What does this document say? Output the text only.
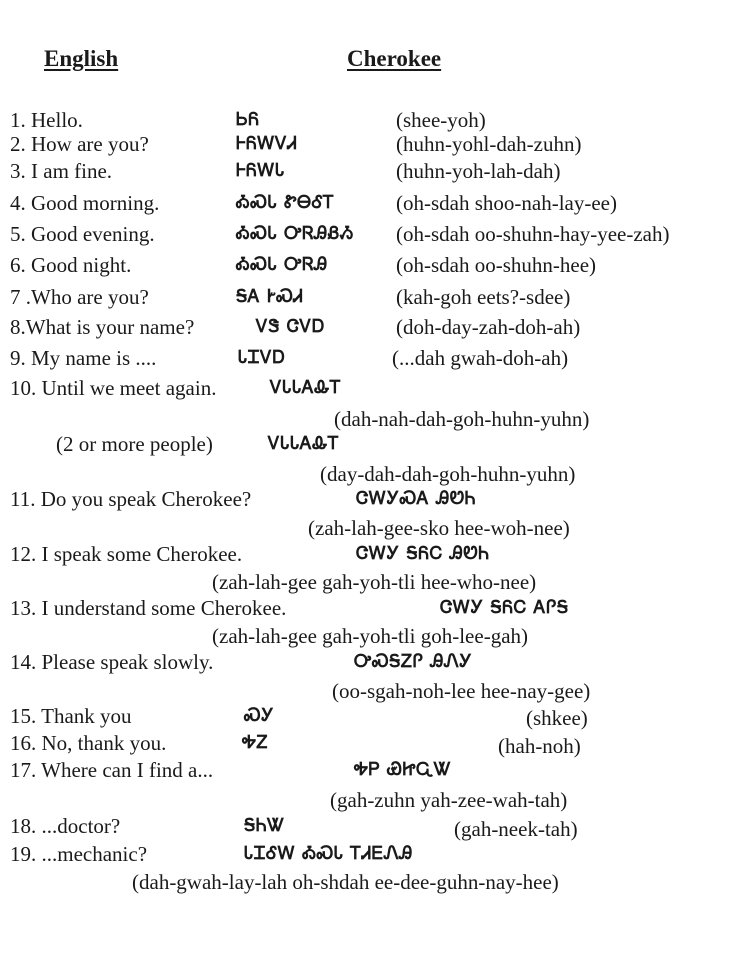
English	Cherokee
1. Hello.	ᏏᏲ	(shee-yoh)
2. How are you?	ᎰᏲᎳᏙᏗ	(huhn-yohl-dah-zuhn)
3. I am fine.	ᎰᏲᎳᏓ	(huhn-yoh-lah-dah)
4. Good morning.	ᎣᏍᏓ ᏑᎾᎴᎢ	(oh-sdah shoo-nah-lay-ee)
5. Good evening.	ᎣᏍᏓ ᎤᏒᎯᏰᏱ (oh-sdah oo-shuhn-hay-yee-zah)
6. Good night.	ᎣᏍᏓ ᎤᏒᎯ	(oh-sdah oo-shuhn-hee)
7 .Who are you?	ᎦᎪ ᎨᏍᏗ	(kah-goh eets?-sdee)
8.What is your name?	ᏙᏕ ᏣᏙᎠ	(doh-day-zah-doh-ah)
9. My name is ....	ᏓᏆᏙᎠ	(...dah gwah-doh-ah)
10. Until we meet again.	ᏙᏓᏓᎪᎲᎢ
(dah-nah-dah-goh-huhn-yuhn)
(2 or more people)	ᏙᏓᏓᎪᎲᎢ
(day-dah-dah-goh-huhn-yuhn)
11. Do you speak Cherokee?	ᏣᎳᎩᏍᎪ ᎯᏬᏂ
(zah-lah-gee-sko hee-woh-nee)
12. I speak some Cherokee.	ᏣᎳᎩ ᎦᏲᏟ ᎯᏬᏂ
(zah-lah-gee gah-yoh-tli hee-who-nee)
13. I understand some Cherokee.	ᏣᎳᎩ ᎦᏲᏟ ᎪᎵᎦ
(zah-lah-gee gah-yoh-tli goh-lee-gah)
14. Please speak slowly.	ᎤᏍᎦᏃᎵ ᎯᏁᎩ
(oo-sgah-noh-lee hee-nay-gee)
15. Thank you	ᏍᎩ	(shkee)
16. No, thank you.	ᎭᏃ	(hah-noh)
17. Where can I find a...	ᎭᏢ ᏯᏥᏩᏔ
(gah-zuhn yah-zee-wah-tah)
18. ...doctor?	ᎦᏂᏔ	(gah-neek-tah)
19. ...mechanic?	ᏓᏆᎴᎳ ᎣᏍᏓ ᎢᏗᎬᏁᎯ
(dah-gwah-lay-lah oh-shdah ee-dee-guhn-nay-hee)
